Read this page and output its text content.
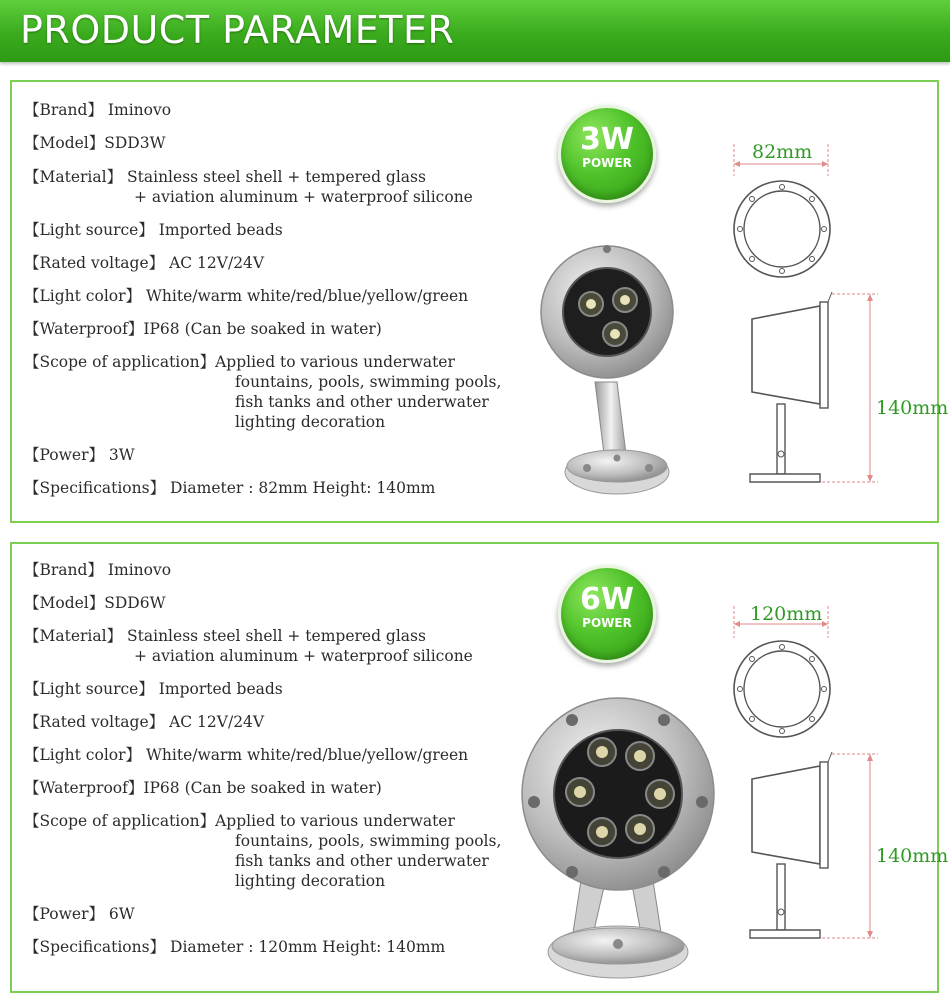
PRODUCT PARAMETER
【Brand】 Iminovo
【Model】SDD3W
【Material】 Stainless steel shell + tempered glass
+ aviation aluminum + waterproof silicone
【Light source】 Imported beads
【Rated voltage】 AC 12V/24V
【Light color】 White/warm white/red/blue/yellow/green
【Waterproof】IP68 (Can be soaked in water)
【Scope of application】Applied to various underwater
fountains, pools, swimming pools,
fish tanks and other underwater
lighting decoration
【Power】 3W
【Specifications】 Diameter : 82mm Height: 140mm
3W
POWER	82mm
140mm
【Brand】 Iminovo
【Model】SDD6W
【Material】 Stainless steel shell + tempered glass
+ aviation aluminum + waterproof silicone
【Light source】 Imported beads
【Rated voltage】 AC 12V/24V
【Light color】 White/warm white/red/blue/yellow/green
【Waterproof】IP68 (Can be soaked in water)
【Scope of application】Applied to various underwater
fountains, pools, swimming pools,
fish tanks and other underwater
lighting decoration
【Power】 6W
【Specifications】 Diameter : 120mm Height: 140mm
6W
POWER	120mm
140mm
